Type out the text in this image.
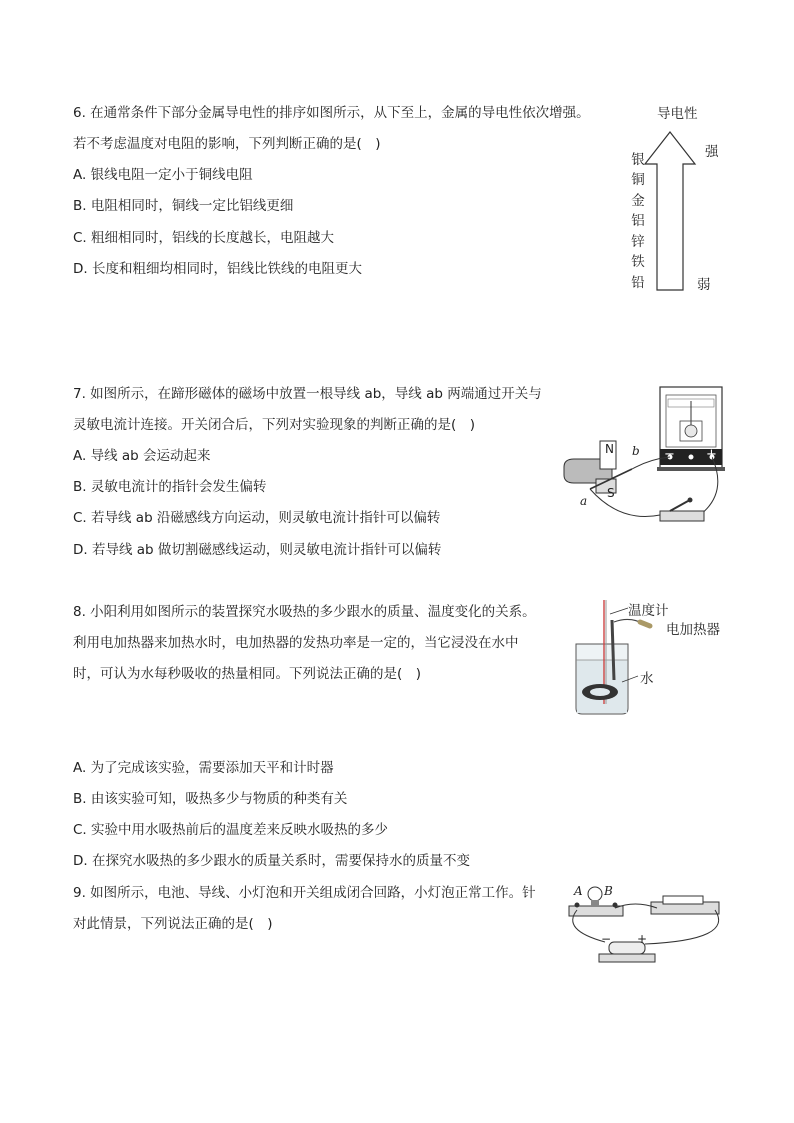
6. 在通常条件下部分金属导电性的排序如图所示，从下至上，金属的导电性依次增强。
若不考虑温度对电阻的影响，下列判断正确的是(　)
A. 银线电阻一定小于铜线电阻
B. 电阻相同时，铜线一定比铝线更细
C. 粗细相同时，铝线的长度越长，电阻越大
D. 长度和粗细均相同时，铝线比铁线的电阻更大
导电性
强
弱
银
铜
金
铝
锌
铁
铅
7. 如图所示，在蹄形磁体的磁场中放置一根导线 ab，导线 ab 两端通过开关与
灵敏电流计连接。开关闭合后，下列对实验现象的判断正确的是(　)
A. 导线 ab 会运动起来
B. 灵敏电流计的指针会发生偏转
C. 若导线 ab 沿磁感线方向运动，则灵敏电流计指针可以偏转
D. 若导线 ab 做切割磁感线运动，则灵敏电流计指针可以偏转
N
S
a
b − +
8. 小阳利用如图所示的装置探究水吸热的多少跟水的质量、温度变化的关系。
利用电加热器来加热水时，电加热器的发热功率是一定的，当它浸没在水中
时，可认为水每秒吸收的热量相同。下列说法正确的是(　)
A. 为了完成该实验，需要添加天平和计时器
B. 由该实验可知，吸热多少与物质的种类有关
C. 实验中用水吸热前后的温度差来反映水吸热的多少
D. 在探究水吸热的多少跟水的质量关系时，需要保持水的质量不变
温度计
电加热器
水
9. 如图所示，电池、导线、小灯泡和开关组成闭合回路，小灯泡正常工作。针
对此情景，下列说法正确的是(　)
A B
− +
